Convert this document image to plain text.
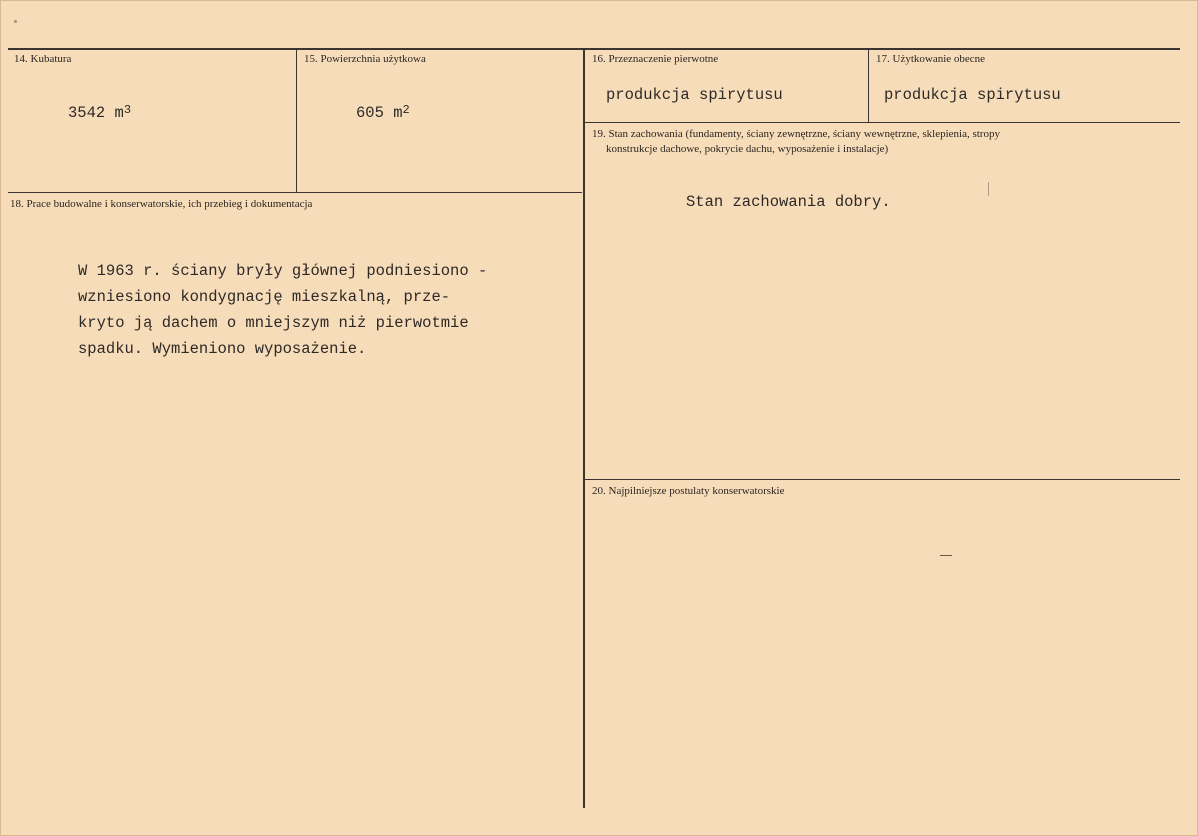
14. Kubatura
3542 $m^3$
15. Powierzchnia użytkowa
605 $m^2$
16. Przeznaczenie pierwotne
produkcja spirytusu
17. Użytkowanie obecne
produkcja spirytusu
18. Prace budowalne i konserwatorskie, ich przebieg i dokumentacja
W 1963 r. ściany bryły głównej podniesiono -
wzniesiono kondygnację mieszkalną, prze-
kryto ją dachem o mniejszym niż pierwotmie
spadku. Wymieniono wyposażenie.
19. Stan zachowania (fundamenty, ściany zewnętrzne, ściany wewnętrzne, sklepienia, stropy
konstrukcje dachowe, pokrycie dachu, wyposażenie i instalacje)
Stan zachowania dobry.
20. Najpilniejsze postulaty konserwatorskie
